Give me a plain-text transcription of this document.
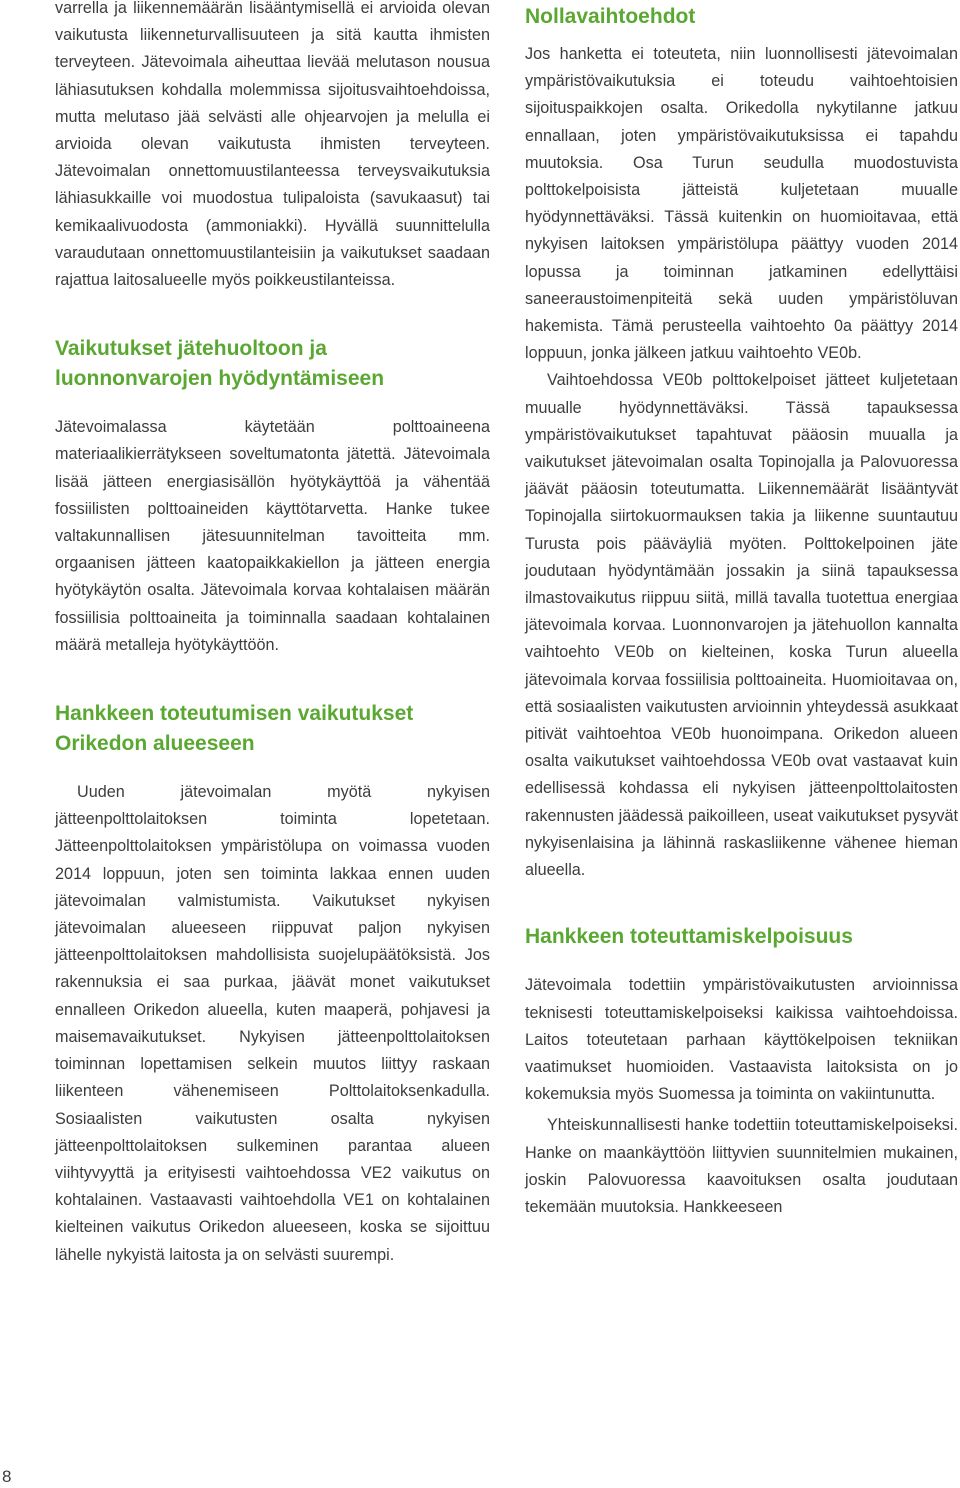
varrella ja liikennemäärän lisääntymisellä ei arvioida olevan vaikutusta liikenneturvallisuuteen ja sitä kautta ihmisten terveyteen. Jätevoimala aiheuttaa lievää melutason nousua lähiasutuksen kohdalla molemmissa sijoitusvaihtoehdoissa, mutta melutaso jää selvästi alle ohjearvojen ja melulla ei arvioida olevan vaikutusta ihmisten terveyteen. Jätevoimalan onnettomuustilanteessa terveysvaikutuksia lähiasukkaille voi muodostua tulipaloista (savukaasut) tai kemikaalivuodosta (ammoniakki). Hyvällä suunnittelulla varaudutaan onnettomuustilanteisiin ja vaikutukset saadaan rajattua laitosalueelle myös poikkeustilanteissa.

Vaikutukset jätehuoltoon ja luonnonvarojen hyödyntämiseen

Jätevoimalassa käytetään polttoaineena materiaalikierrätykseen soveltumatonta jätettä. Jätevoimala lisää jätteen energiasisällön hyötykäyttöä ja vähentää fossiilisten polttoaineiden käyttötarvetta. Hanke tukee valtakunnallisen jätesuunnitelman tavoitteita mm. orgaanisen jätteen kaatopaikkakiellon ja jätteen energia hyötykäytön osalta. Jätevoimala korvaa kohtalaisen määrän fossiilisia polttoaineita ja toiminnalla saadaan kohtalainen määrä metalleja hyötykäyttöön.

Hankkeen toteutumisen vaikutukset Orikedon alueeseen

Uuden jätevoimalan myötä nykyisen jätteenpolttolaitoksen toiminta lopetetaan. Jätteenpolttolaitoksen ympäristölupa on voimassa vuoden 2014 loppuun, joten sen toiminta lakkaa ennen uuden jätevoimalan valmistumista. Vaikutukset nykyisen jätevoimalan alueeseen riippuvat paljon nykyisen jätteenpolttolaitoksen mahdollisista suojelupäätöksistä. Jos rakennuksia ei saa purkaa, jäävät monet vaikutukset ennalleen Orikedon alueella, kuten maaperä, pohjavesi ja maisemavaikutukset. Nykyisen jätteenpolttolaitoksen toiminnan lopettamisen selkein muutos liittyy raskaan liikenteen vähenemiseen Polttolaitoksenkadulla. Sosiaalisten vaikutusten osalta nykyisen jätteenpolttolaitoksen sulkeminen parantaa alueen viihtyvyyttä ja erityisesti vaihtoehdossa VE2 vaikutus on kohtalainen. Vastaavasti vaihtoehdolla VE1 on kohtalainen kielteinen vaikutus Orikedon alueeseen, koska se sijoittuu lähelle nykyistä laitosta ja on selvästi suurempi.

Nollavaihtoehdot

Jos hanketta ei toteuteta, niin luonnollisesti jätevoimalan ympäristövaikutuksia ei toteudu vaihtoehtoisien sijoituspaikkojen osalta. Orikedolla nykytilanne jatkuu ennallaan, joten ympäristövaikutuksissa ei tapahdu muutoksia. Osa Turun seudulla muodostuvista polttokelpoisista jätteistä kuljetetaan muualle hyödynnettäväksi. Tässä kuitenkin on huomioitavaa, että nykyisen laitoksen ympäristölupa päättyy vuoden 2014 lopussa ja toiminnan jatkaminen edellyttäisi saneeraustoimenpiteitä sekä uuden ympäristöluvan hakemista. Tämä perusteella vaihtoehto 0a päättyy 2014 loppuun, jonka jälkeen jatkuu vaihtoehto VE0b.

Vaihtoehdossa VE0b polttokelpoiset jätteet kuljetetaan muualle hyödynnettäväksi. Tässä tapauksessa ympäristövaikutukset tapahtuvat pääosin muualla ja vaikutukset jätevoimalan osalta Topinojalla ja Palovuoressa jäävät pääosin toteutumatta. Liikennemäärät lisääntyvät Topinojalla siirtokuormauksen takia ja liikenne suuntautuu Turusta pois pääväyliä myöten. Polttokelpoinen jäte joudutaan hyödyntämään jossakin ja siinä tapauksessa ilmastovaikutus riippuu siitä, millä tavalla tuotettua energiaa jätevoimala korvaa. Luonnonvarojen ja jätehuollon kannalta vaihtoehto VE0b on kielteinen, koska Turun alueella jätevoimala korvaa fossiilisia polttoaineita. Huomioitavaa on, että sosiaalisten vaikutusten arvioinnin yhteydessä asukkaat pitivät vaihtoehtoa VE0b huonoimpana. Orikedon alueen osalta vaikutukset vaihtoehdossa VE0b ovat vastaavat kuin edellisessä kohdassa eli nykyisen jätteenpolttolaitosten rakennusten jäädessä paikoilleen, useat vaikutukset pysyvät nykyisenlaisina ja lähinnä raskasliikenne vähenee hieman alueella.

Hankkeen toteuttamiskelpoisuus

Jätevoimala todettiin ympäristövaikutusten arvioinnissa teknisesti toteuttamiskelpoiseksi kaikissa vaihtoehdoissa. Laitos toteutetaan parhaan käyttökelpoisen tekniikan vaatimukset huomioiden. Vastaavista laitoksista on jo kokemuksia myös Suomessa ja toiminta on vakiintunutta.

Yhteiskunnallisesti hanke todettiin toteuttamiskelpoiseksi. Hanke on maankäyttöön liittyvien suunnitelmien mukainen, joskin Palovuoressa kaavoituksen osalta joudutaan tekemään muutoksia. Hankkeeseen

8
